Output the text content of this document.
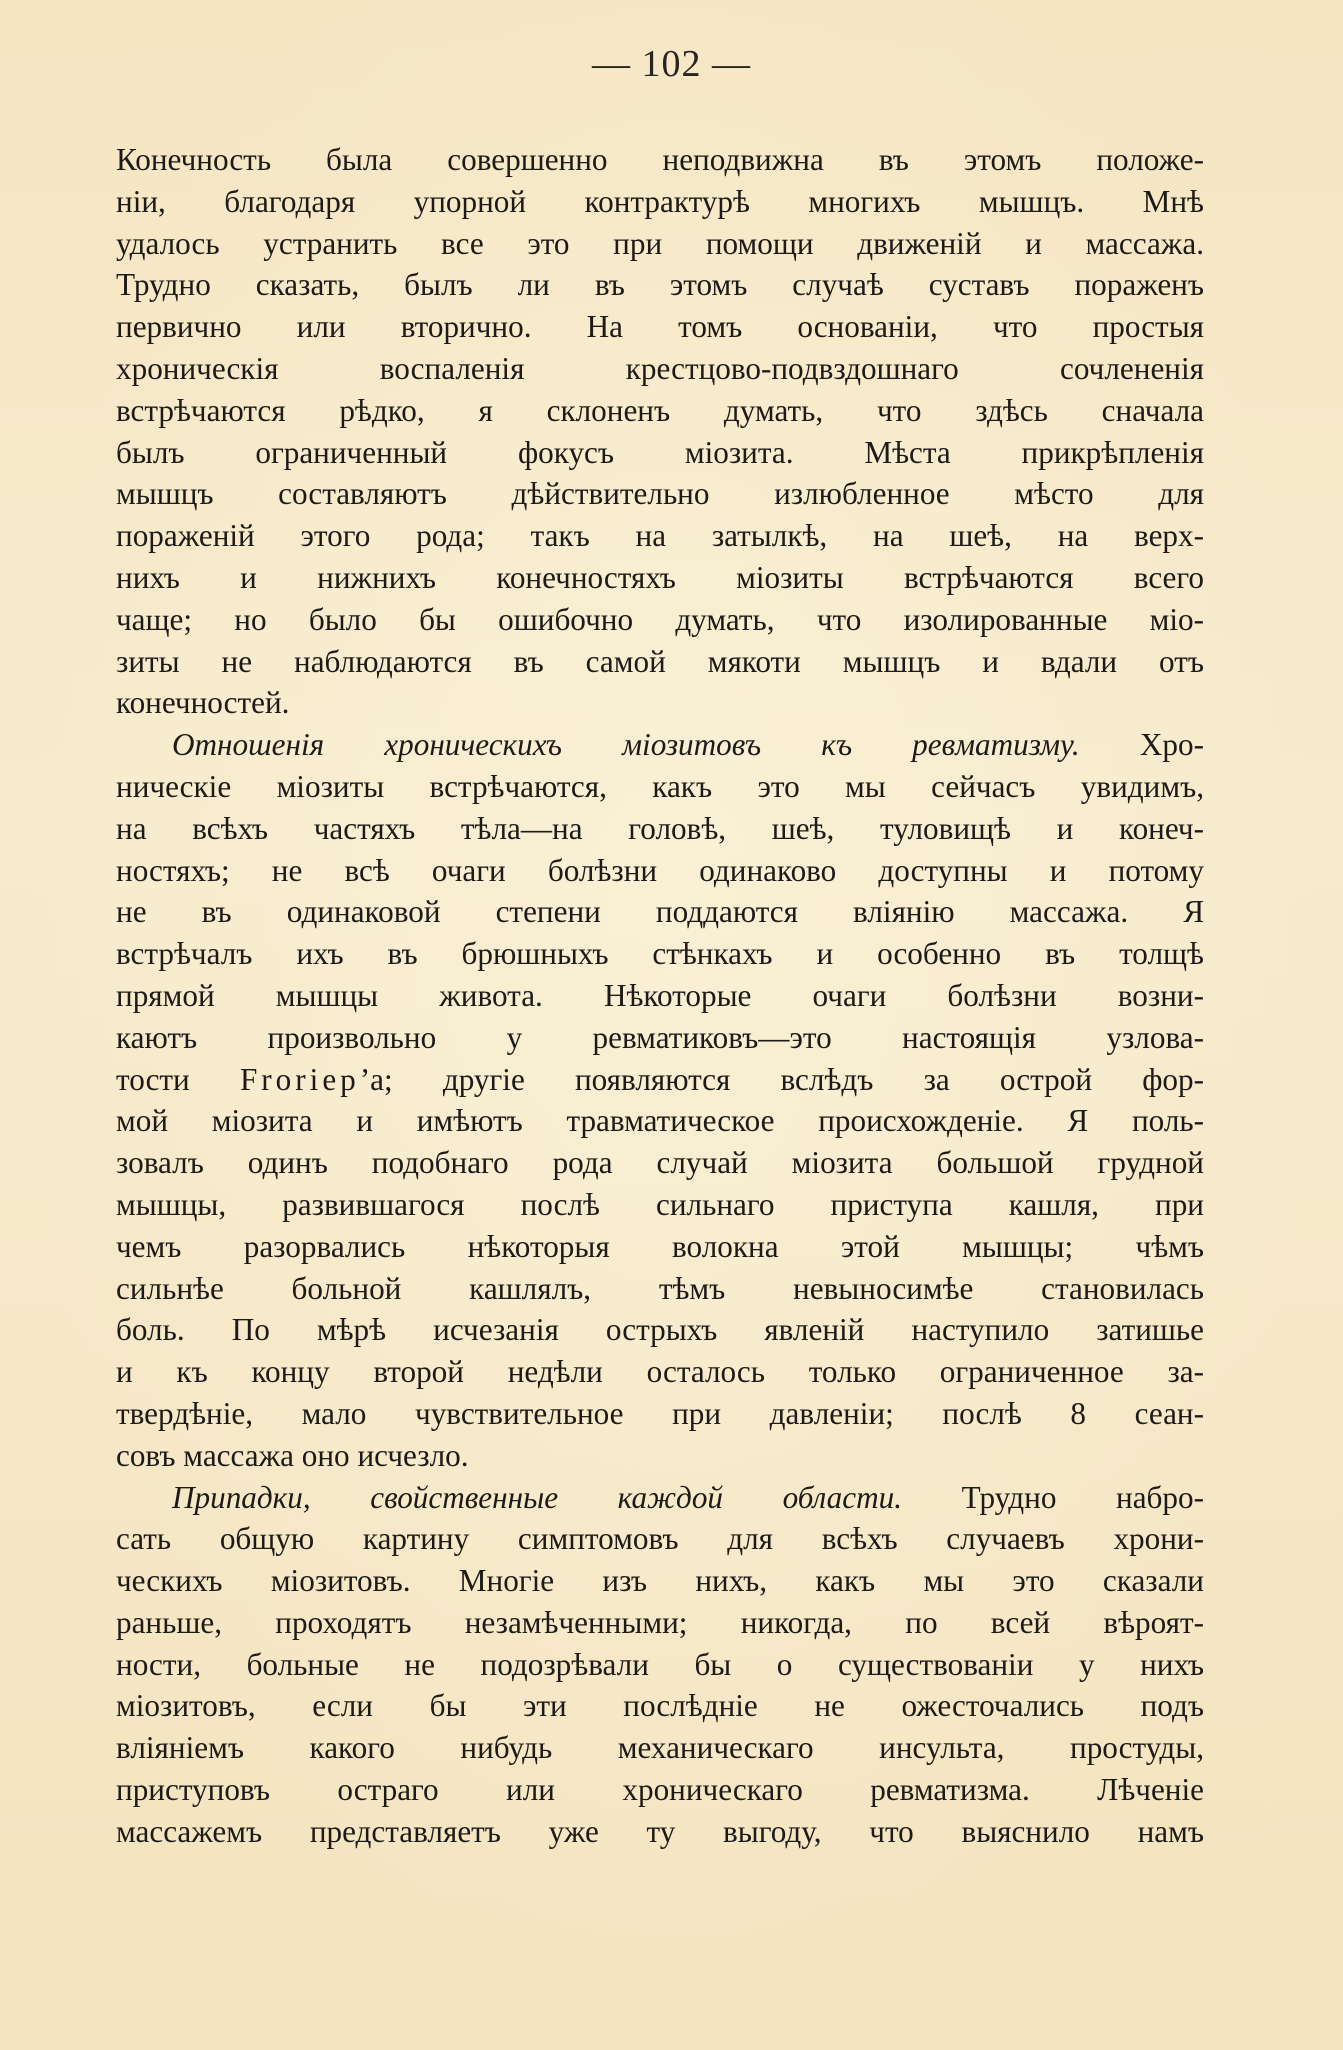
— 102 —
Конечность была совершенно неподвижна въ этомъ положе-
ніи, благодаря упорной контрактурѣ многихъ мышцъ. Мнѣ
удалось устранить все это при помощи движеній и массажа.
Трудно сказать, былъ ли въ этомъ случаѣ суставъ пораженъ
первично или вторично. На томъ основаніи, что простыя
хроническія воспаленія крестцово-подвздошнаго сочлененія
встрѣчаются рѣдко, я склоненъ думать, что здѣсь сначала
былъ ограниченный фокусъ міозита. Мѣста прикрѣпленія
мышцъ составляютъ дѣйствительно излюбленное мѣсто для
пораженій этого рода; такъ на затылкѣ, на шеѣ, на верх-
нихъ и нижнихъ конечностяхъ міозиты встрѣчаются всего
чаще; но было бы ошибочно думать, что изолированные міо-
зиты не наблюдаются въ самой мякоти мышцъ и вдали отъ
конечностей.
Отношенія хроническихъ міозитовъ къ ревматизму. Хро-
ническіе міозиты встрѣчаются, какъ это мы сейчасъ увидимъ,
на всѣхъ частяхъ тѣла—на головѣ, шеѣ, туловищѣ и конеч-
ностяхъ; не всѣ очаги болѣзни одинаково доступны и потому
не въ одинаковой степени поддаются вліянію массажа. Я
встрѣчалъ ихъ въ брюшныхъ стѣнкахъ и особенно въ толщѣ
прямой мышцы живота. Нѣкоторые очаги болѣзни возни-
каютъ произвольно у ревматиковъ—это настоящія узлова-
тости Froriep’а; другіе появляются вслѣдъ за острой фор-
мой міозита и имѣютъ травматическое происхожденіе. Я поль-
зовалъ одинъ подобнаго рода случай міозита большой грудной
мышцы, развившагося послѣ сильнаго приступа кашля, при
чемъ разорвались нѣкоторыя волокна этой мышцы; чѣмъ
сильнѣе больной кашлялъ, тѣмъ невыносимѣе становилась
боль. По мѣрѣ исчезанія острыхъ явленій наступило затишье
и къ концу второй недѣли осталось только ограниченное за-
твердѣніе, мало чувствительное при давленіи; послѣ 8 сеан-
совъ массажа оно исчезло.
Припадки, свойственные каждой области. Трудно набро-
сать общую картину симптомовъ для всѣхъ случаевъ хрони-
ческихъ міозитовъ. Многіе изъ нихъ, какъ мы это сказали
раньше, проходятъ незамѣченными; никогда, по всей вѣроят-
ности, больные не подозрѣвали бы о существованіи у нихъ
міозитовъ, если бы эти послѣдніе не ожесточались подъ
вліяніемъ какого нибудь механическаго инсульта, простуды,
приступовъ остраго или хроническаго ревматизма. Лѣченіе
массажемъ представляетъ уже ту выгоду, что выяснило намъ
